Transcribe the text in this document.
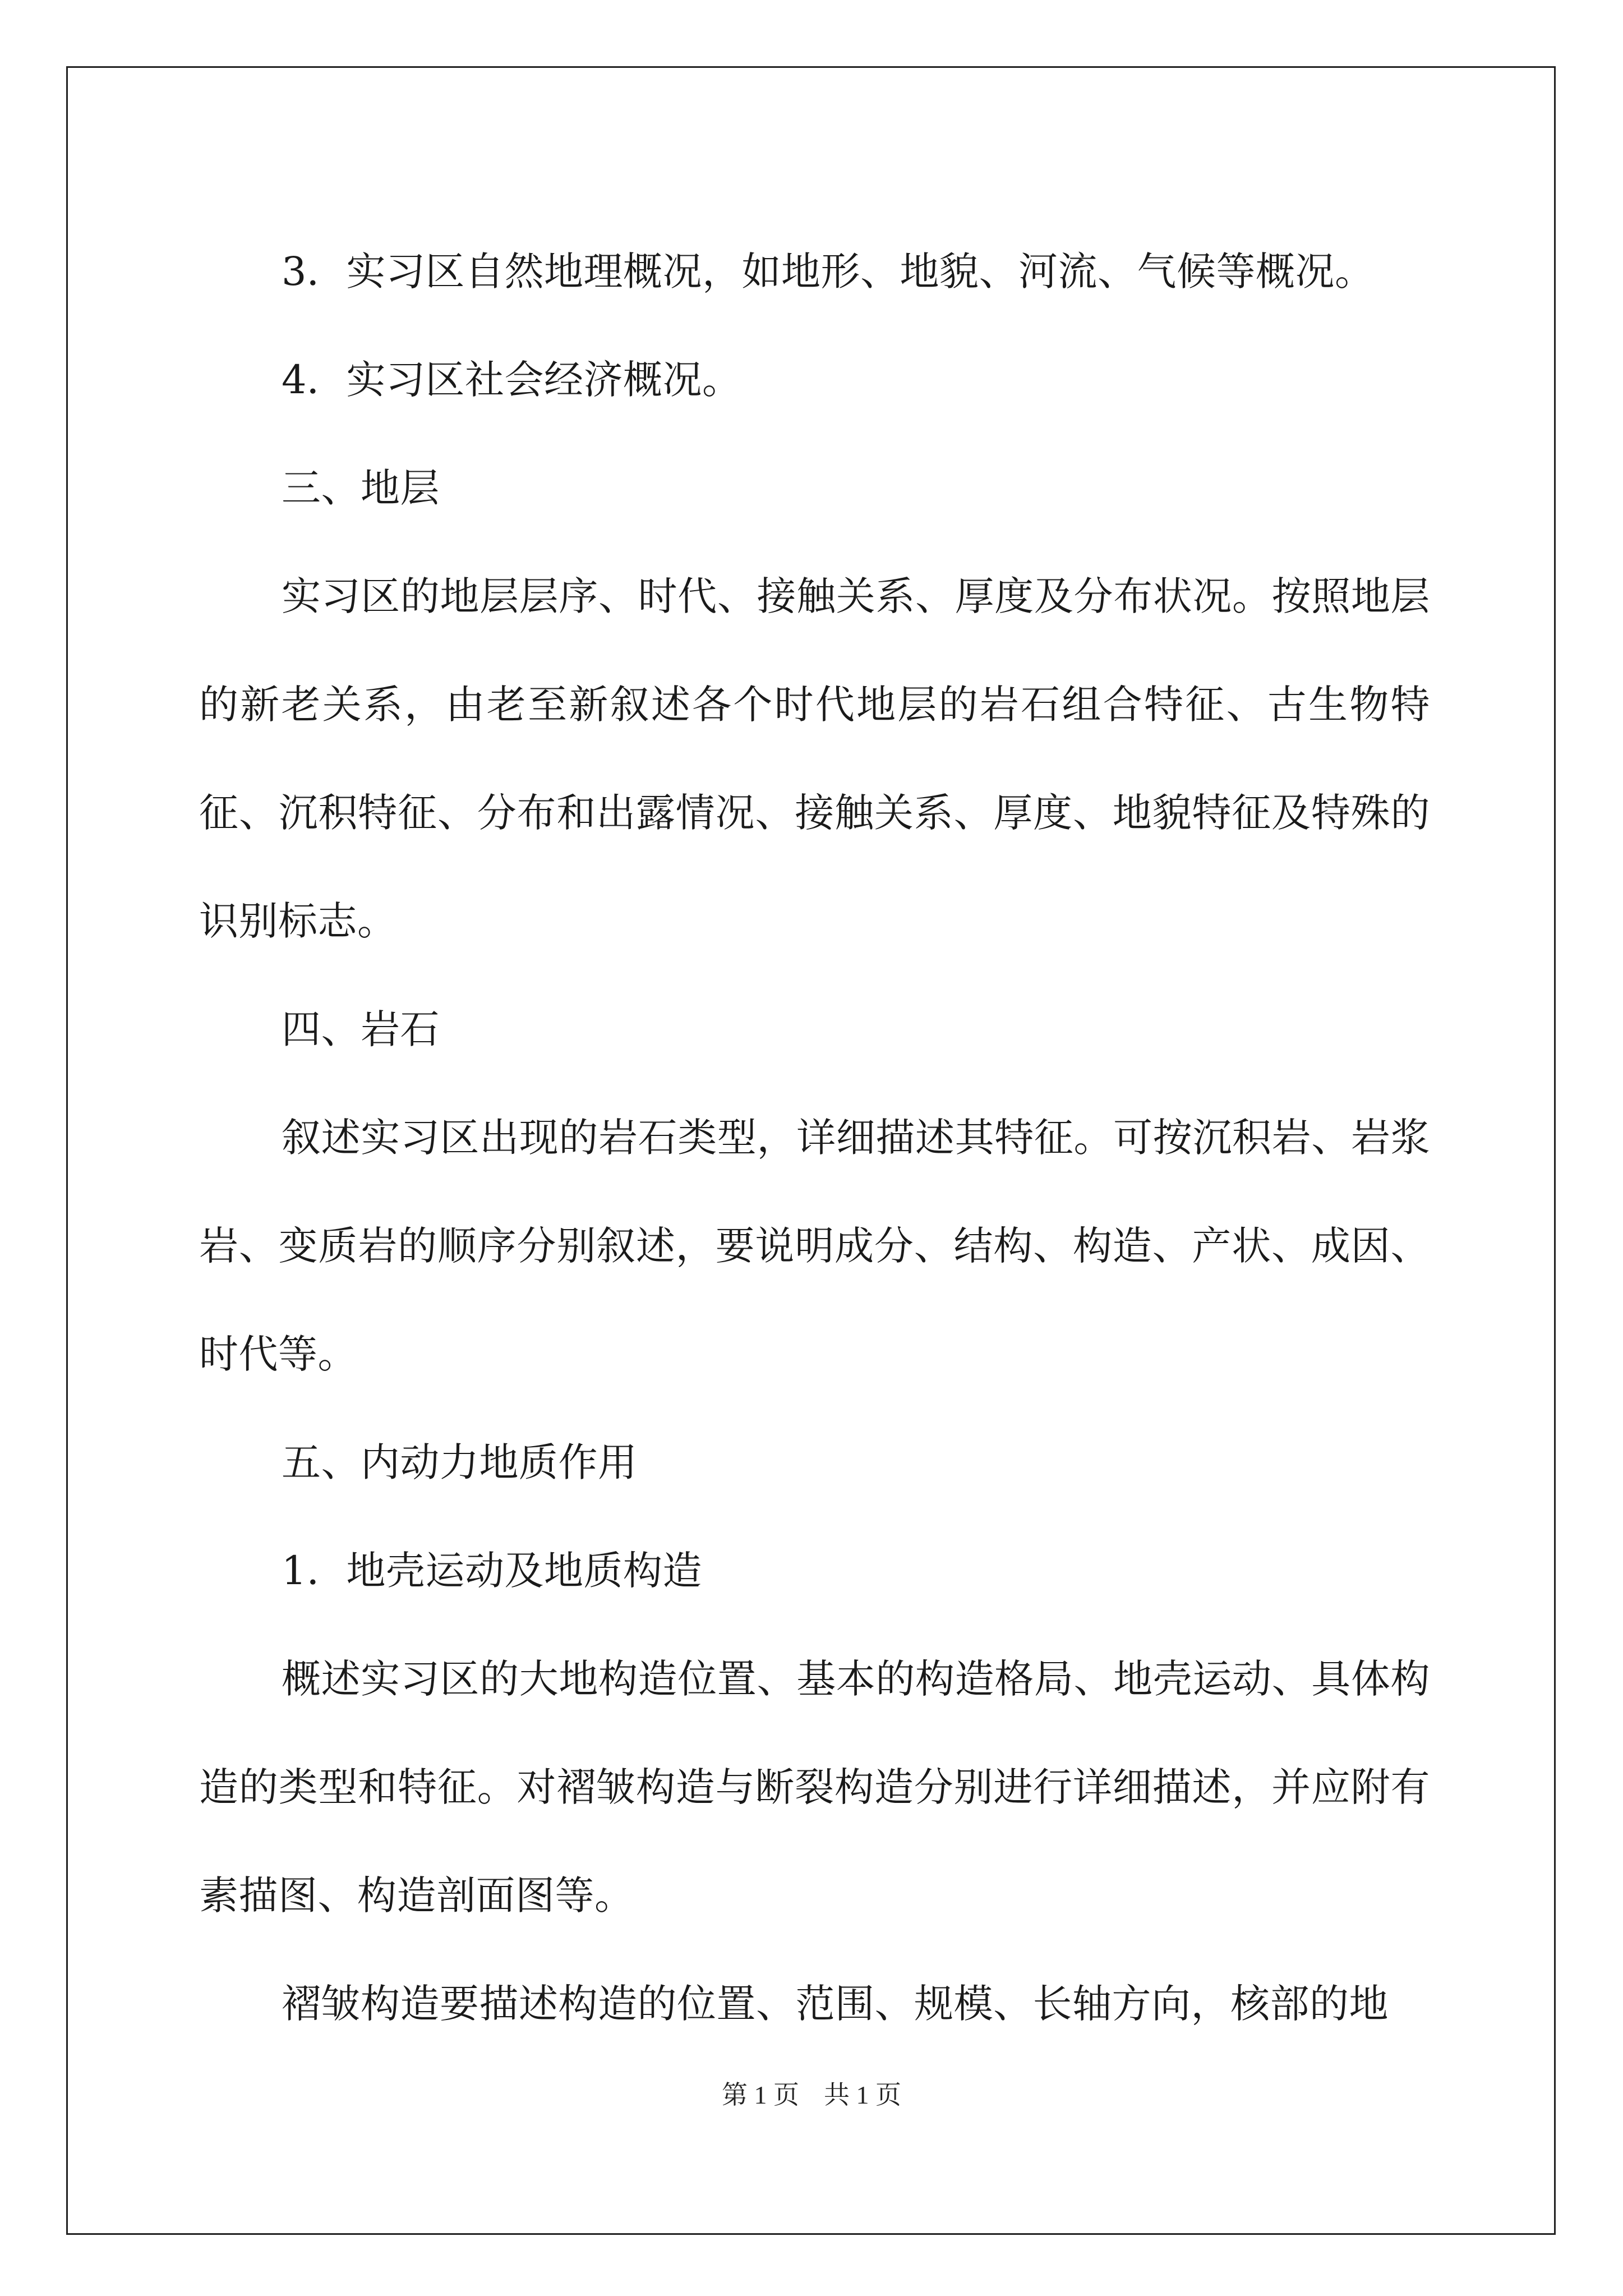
3．实习区自然地理概况，如地形、地貌、河流、气候等概况。

4．实习区社会经济概况。

三、地层

实习区的地层层序、时代、接触关系、厚度及分布状况。按照地层的新老关系，由老至新叙述各个时代地层的岩石组合特征、古生物特征、沉积特征、分布和出露情况、接触关系、厚度、地貌特征及特殊的识别标志。

四、岩石

叙述实习区出现的岩石类型，详细描述其特征。可按沉积岩、岩浆岩、变质岩的顺序分别叙述，要说明成分、结构、构造、产状、成因、时代等。

五、内动力地质作用

1．地壳运动及地质构造

概述实习区的大地构造位置、基本的构造格局、地壳运动、具体构造的类型和特征。对褶皱构造与断裂构造分别进行详细描述，并应附有素描图、构造剖面图等。

褶皱构造要描述构造的位置、范围、规模、长轴方向，核部的地

第 1 页 共 1 页
